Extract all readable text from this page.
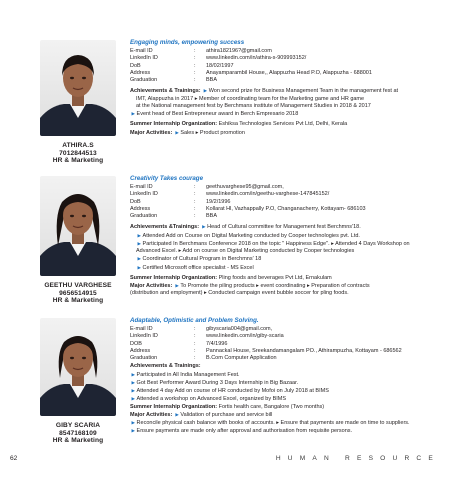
ATHIRA.S
7012844513
HR & Marketing
Engaging minds, empowering success
E-mail ID	:	athira182196?@gmail.com
LinkedIn ID	:	www.linkedin.com/in/athira-s-909993152/
DoB	:	18/02/1997
Address	:	Anayamparambil House,, Alappuzha Head P.O, Alappuzha - 688001
Graduation	:	BBA
Achievements & Trainings: ▶ Won second prize for Business Management Team in the management fest at
IMT, Alappuzha in 2017 ▸ Member of coordinating team for the Marketing game and HR game
at the National management fest by Berchmans institute of Management Studies in 2018 & 2017
▶ Event head of Best Entrepreneur award in Berch Empresario 2018
Summer Internship Organization: Eshiksa Technologies Services Pvt Ltd, Delhi, Kerala
Major Activities: ▶ Sales ▸ Product promotion
GEETHU VARGHESE
9656514915
HR & Marketing
Creativity Takes courage
E-mail ID	:	geethuvarghese95@gmail.com,
LinkedIn ID	:	www.linkedin.com/in/geethu-varghese-147845152/
DoB	:	19/2/1996
Address	:	Kollarat Hl, Vazhappally P.O, Changanacherry, Kottayam- 686103
Graduation	:	BBA
Achievements &Trainings: ▶ Head of Cultural committee for Management fest Berchmns'18.
▶ Attended Add on Course on Digital Marketing conducted by Cooper technologies pvt. Ltd.
▶ Participated In Berchmans Conference 2018 on the topic " Happiness Edge". ▸ Attended 4 Days Workshop on
Advanced Excel. ▸ Add on course on Digital Marketing conducted by Cooper technologies
▶ Coordinator of Cultural Program in Berchmns' 18
▶ Certified Microsoft office specialist - MS Excel
Summer Internship Organization: Pling foods and beverages Pvt Ltd, Ernakulam
Major Activities: ▶ To Promote the piling products ▸ event coordinating ▸ Preparation of contracts
(distribution and employment) ▸ Conducted campaign event bubble soccer for pling foods.
GIBY SCARIA
8547168109
HR & Marketing
Adaptable, Optimistic and Problem Solving.
E-mail ID	:	gibyscaria004@gmail.com,
LinkedIn ID	:	www.linkedin.com/in/giby-scaria
DOB	:	7/4/1996
Address	:	Pannackal House, Sreekandamangalam PO., Athirampuzha, Kottayam - 686562
Graduation	:	B.Com Computer Application
Achievements & Trainings:
▶ Participated in All India Management Fest.
▶ Got Best Performer Award During 3 Days Internship in Big Bazaar.
▶ Attended 4 day Add on course of HR conducted by Mofoi on July 2018 at BIMS
▶ Attended a workshop on Advanced Excel, organized by BIMS
Summer Internship Organization: Fortis health care, Bangalore (Two months)
Major Activities: ▶ Validation of purchase and service bill
▶ Reconcile physical cash balance with books of accounts. ▸ Ensure that payments are made on time to suppliers.
▶ Ensure payments are made only after approval and authorisation from requisite persons.
62	HUMAN RESOURCE
